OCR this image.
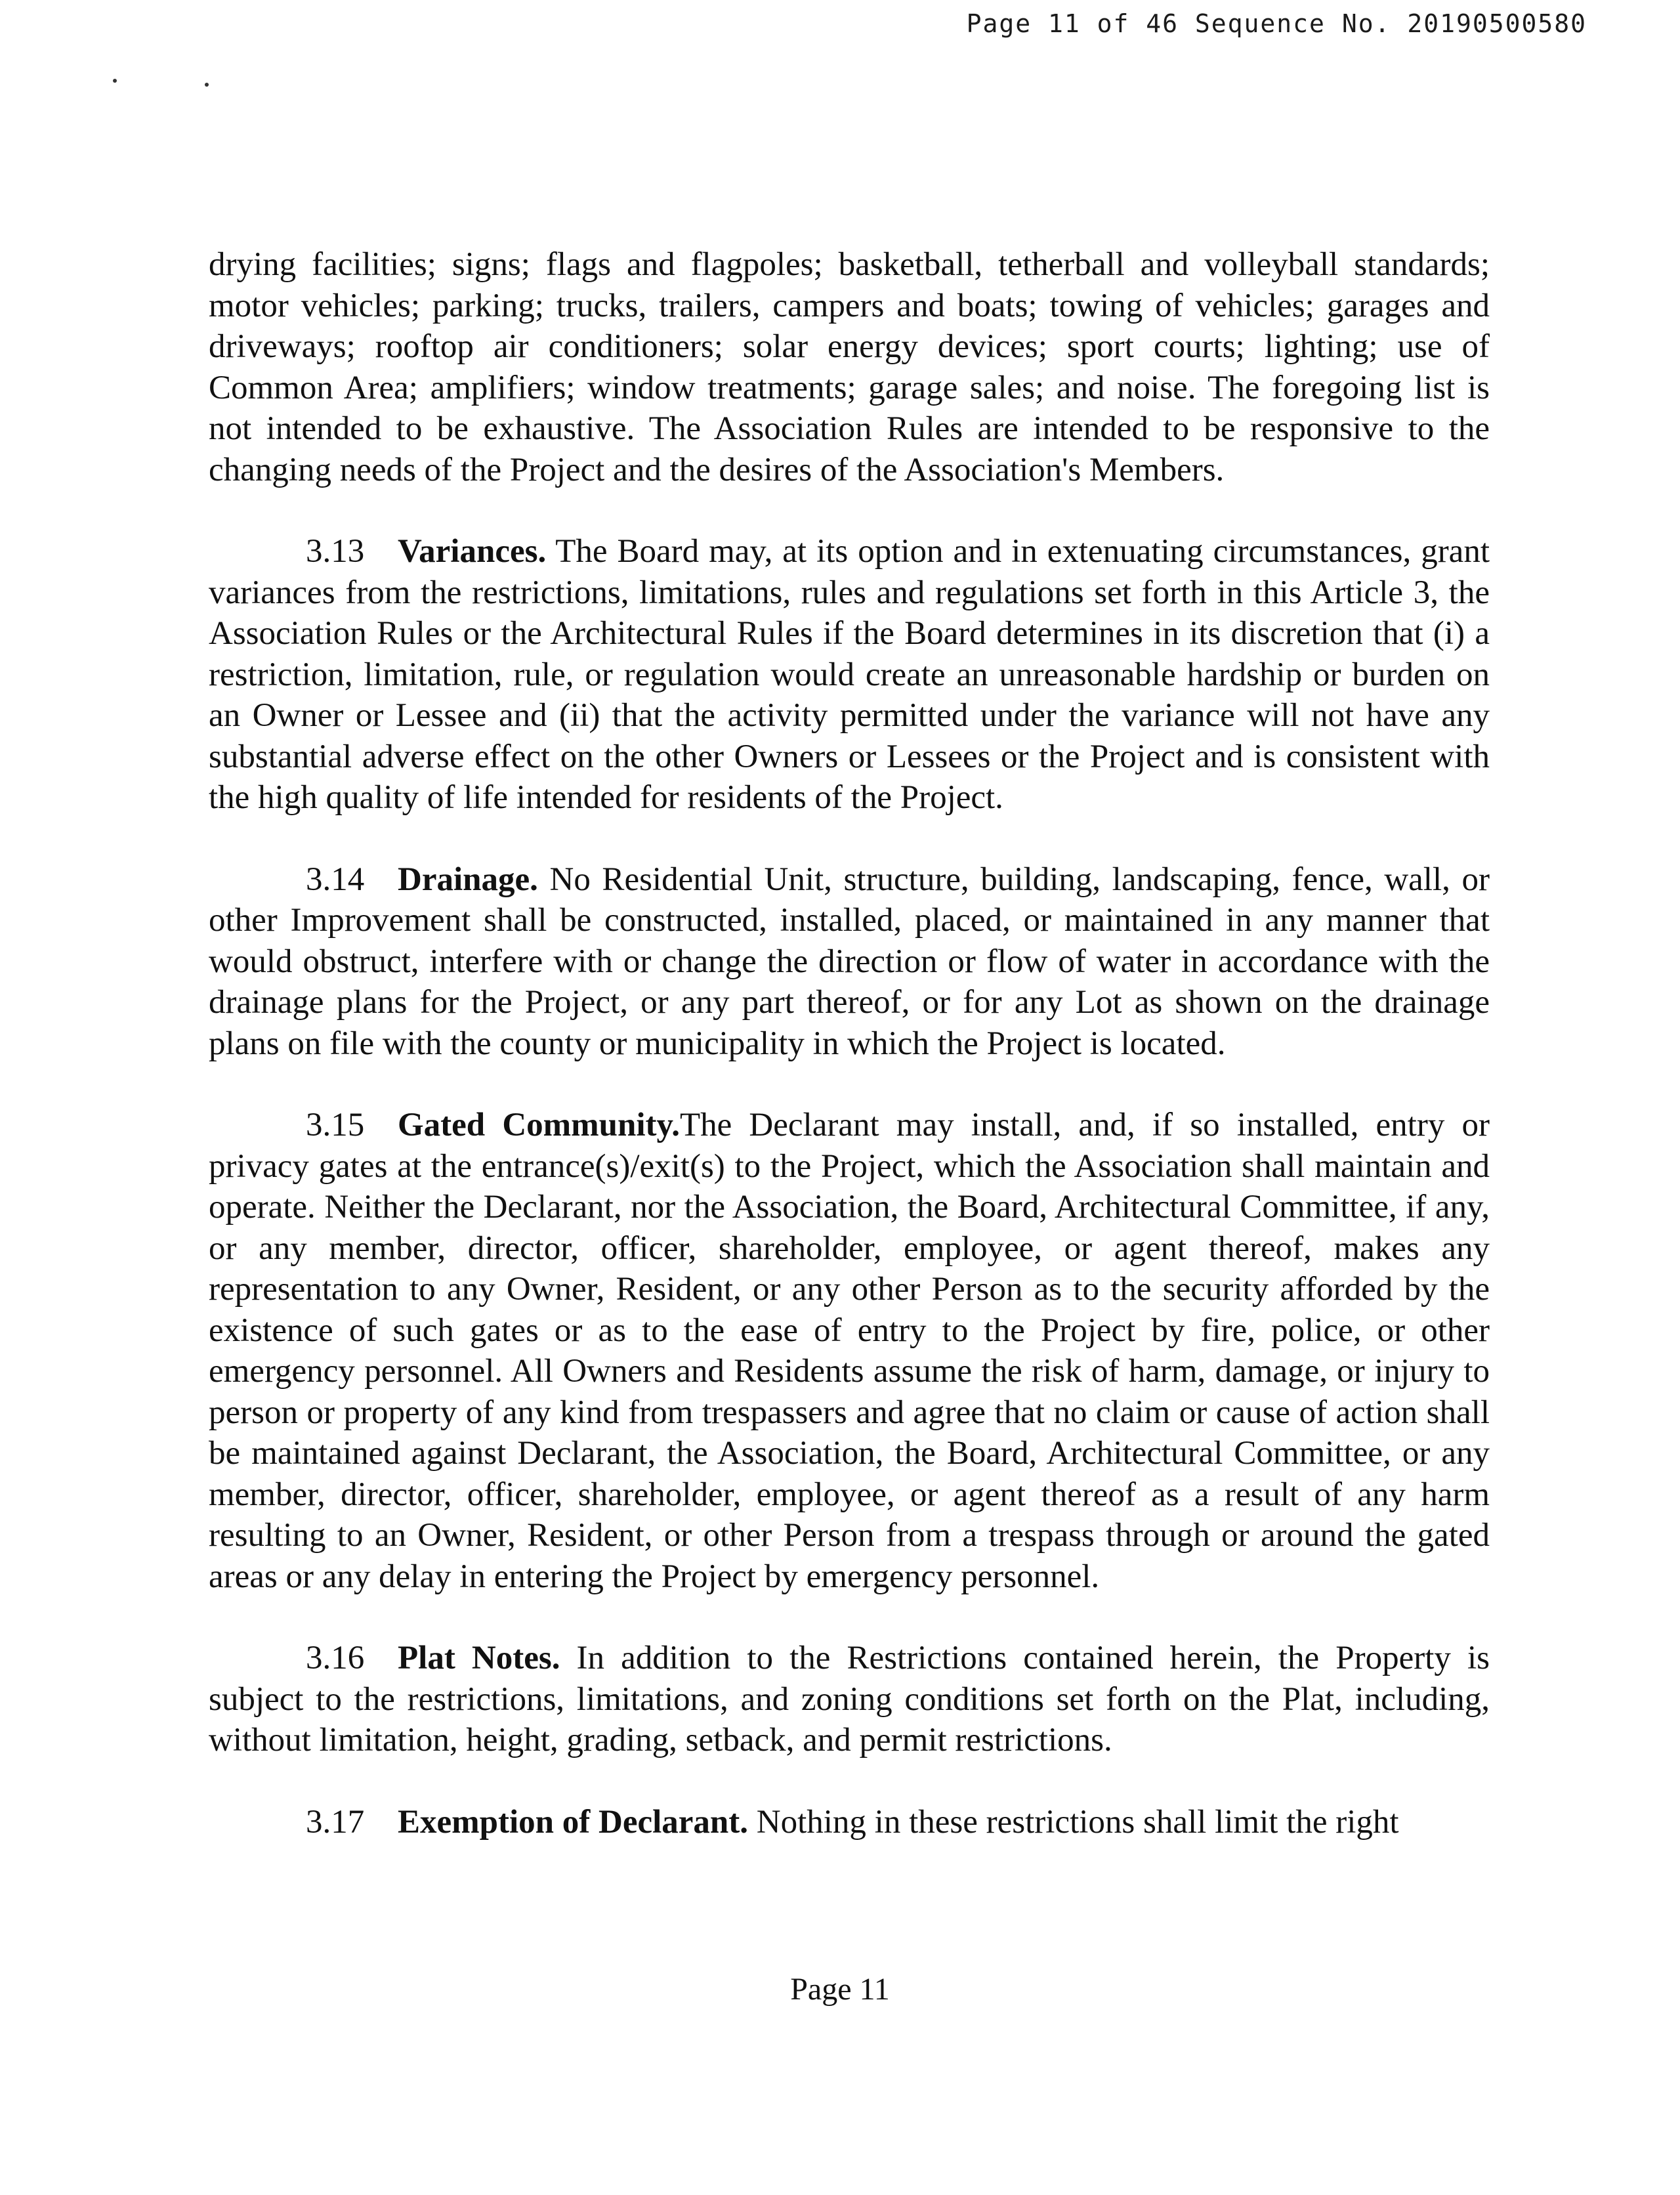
Page 11 of 46 Sequence No. 20190500580

drying facilities; signs; flags and flagpoles; basketball, tetherball and volleyball standards; motor vehicles; parking; trucks, trailers, campers and boats; towing of vehicles; garages and driveways; rooftop air conditioners; solar energy devices; sport courts; lighting; use of Common Area; amplifiers; window treatments; garage sales; and noise. The foregoing list is not intended to be exhaustive. The Association Rules are intended to be responsive to the changing needs of the Project and the desires of the Association's Members.

3.13 Variances. The Board may, at its option and in extenuating circumstances, grant variances from the restrictions, limitations, rules and regulations set forth in this Article 3, the Association Rules or the Architectural Rules if the Board determines in its discretion that (i) a restriction, limitation, rule, or regulation would create an unreasonable hardship or burden on an Owner or Lessee and (ii) that the activity permitted under the variance will not have any substantial adverse effect on the other Owners or Lessees or the Project and is consistent with the high quality of life intended for residents of the Project.

3.14 Drainage. No Residential Unit, structure, building, landscaping, fence, wall, or other Improvement shall be constructed, installed, placed, or maintained in any manner that would obstruct, interfere with or change the direction or flow of water in accordance with the drainage plans for the Project, or any part thereof, or for any Lot as shown on the drainage plans on file with the county or municipality in which the Project is located.

3.15 Gated Community.The Declarant may install, and, if so installed, entry or privacy gates at the entrance(s)/exit(s) to the Project, which the Association shall maintain and operate. Neither the Declarant, nor the Association, the Board, Architectural Committee, if any, or any member, director, officer, shareholder, employee, or agent thereof, makes any representation to any Owner, Resident, or any other Person as to the security afforded by the existence of such gates or as to the ease of entry to the Project by fire, police, or other emergency personnel. All Owners and Residents assume the risk of harm, damage, or injury to person or property of any kind from trespassers and agree that no claim or cause of action shall be maintained against Declarant, the Association, the Board, Architectural Committee, or any member, director, officer, shareholder, employee, or agent thereof as a result of any harm resulting to an Owner, Resident, or other Person from a trespass through or around the gated areas or any delay in entering the Project by emergency personnel.

3.16 Plat Notes. In addition to the Restrictions contained herein, the Property is subject to the restrictions, limitations, and zoning conditions set forth on the Plat, including, without limitation, height, grading, setback, and permit restrictions.

3.17 Exemption of Declarant. Nothing in these restrictions shall limit the right

Page 11
